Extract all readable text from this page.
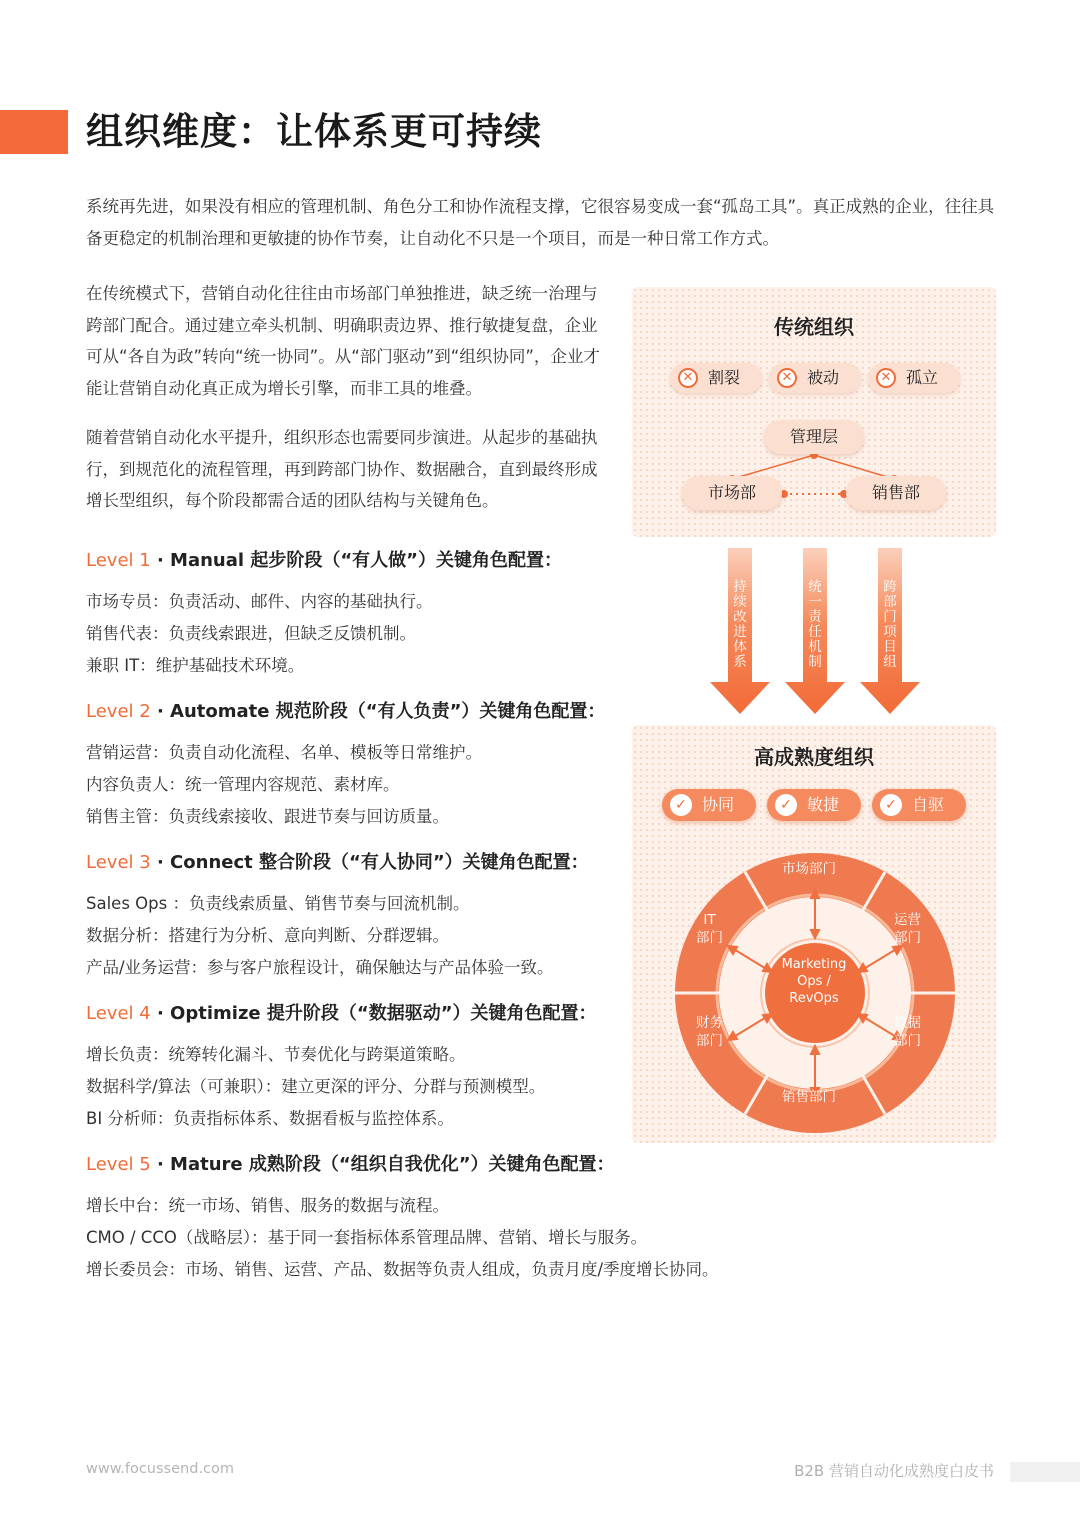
组织维度：让体系更可持续

系统再先进，如果没有相应的管理机制、角色分工和协作流程支撑，它很容易变成一套“孤岛工具”。真正成熟的企业，往往具备更稳定的机制治理和更敏捷的协作节奏，让自动化不只是一个项目，而是一种日常工作方式。

在传统模式下，营销自动化往往由市场部门单独推进，缺乏统一治理与跨部门配合。通过建立牵头机制、明确职责边界、推行敏捷复盘，企业可从“各自为政”转向“统一协同”。从“部门驱动”到“组织协同”，企业才能让营销自动化真正成为增长引擎，而非工具的堆叠。

随着营销自动化水平提升，组织形态也需要同步演进。从起步的基础执行，到规范化的流程管理，再到跨部门协作、数据融合，直到最终形成增长型组织，每个阶段都需合适的团队结构与关键角色。

Level 1 · Manual 起步阶段（“有人做”）关键角色配置：
市场专员：负责活动、邮件、内容的基础执行。
销售代表：负责线索跟进，但缺乏反馈机制。
兼职 IT：维护基础技术环境。
Level 2 · Automate 规范阶段（“有人负责”）关键角色配置：
营销运营：负责自动化流程、名单、模板等日常维护。
内容负责人：统一管理内容规范、素材库。
销售主管：负责线索接收、跟进节奏与回访质量。
Level 3 · Connect 整合阶段（“有人协同”）关键角色配置：
Sales Ops ：负责线索质量、销售节奏与回流机制。
数据分析：搭建行为分析、意向判断、分群逻辑。
产品/业务运营：参与客户旅程设计，确保触达与产品体验一致。
Level 4 · Optimize 提升阶段（“数据驱动”）关键角色配置：
增长负责：统筹转化漏斗、节奏优化与跨渠道策略。
数据科学/算法（可兼职）：建立更深的评分、分群与预测模型。
BI 分析师：负责指标体系、数据看板与监控体系。
Level 5 · Mature 成熟阶段（“组织自我优化”）关键角色配置：
增长中台：统一市场、销售、服务的数据与流程。
CMO / CCO（战略层）：基于同一套指标体系管理品牌、营销、增长与服务。
增长委员会：市场、销售、运营、产品、数据等负责人组成，负责月度/季度增长协同。
传统组织
✕ 割裂	✕ 被动	✕ 孤立
管理层
市场部	销售部
持续改进体系
统一责任机制
跨部门项目组
高成熟度组织
✓ 协同	✓ 敏捷	✓ 自驱
市场部门
运营
部门
数据
部门
销售部门
财务
部门
IT
部门
Marketing
Ops /
RevOps
www.focussend.com	B2B 营销自动化成熟度白皮书
